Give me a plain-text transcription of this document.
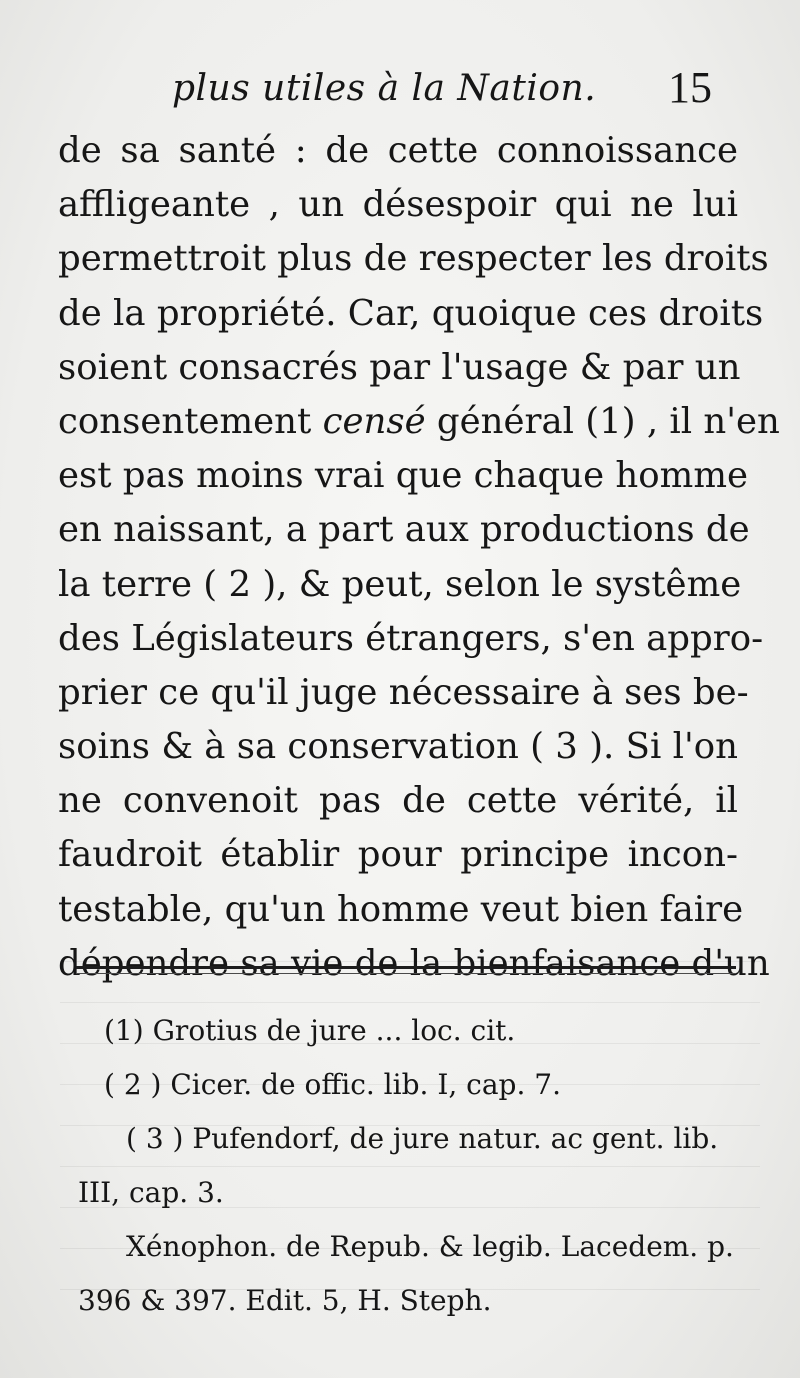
plus utiles à la Nation. 15
de sa santé : de cette connoissance
affligeante , un désespoir qui ne lui
permettroit plus de respecter les droits
de la propriété. Car, quoique ces droits
soient consacrés par l'usage & par un
consentement censé général (1) , il n'en
est pas moins vrai que chaque homme
en naissant, a part aux productions de
la terre ( 2 ), & peut, selon le systême
des Législateurs étrangers, s'en appro-
prier ce qu'il juge nécessaire à ses be-
soins & à sa conservation ( 3 ). Si l'on
ne convenoit pas de cette vérité, il
faudroit établir pour principe incon-
testable, qu'un homme veut bien faire
dépendre sa vie de la bienfaisance d'un
(1) Grotius de jure ... loc. cit.
( 2 ) Cicer. de offic. lib. I, cap. 7.
( 3 ) Pufendorf, de jure natur. ac gent. lib.
III, cap. 3.
Xénophon. de Repub. & legib. Lacedem. p.
396 & 397. Edit. 5, H. Steph.
